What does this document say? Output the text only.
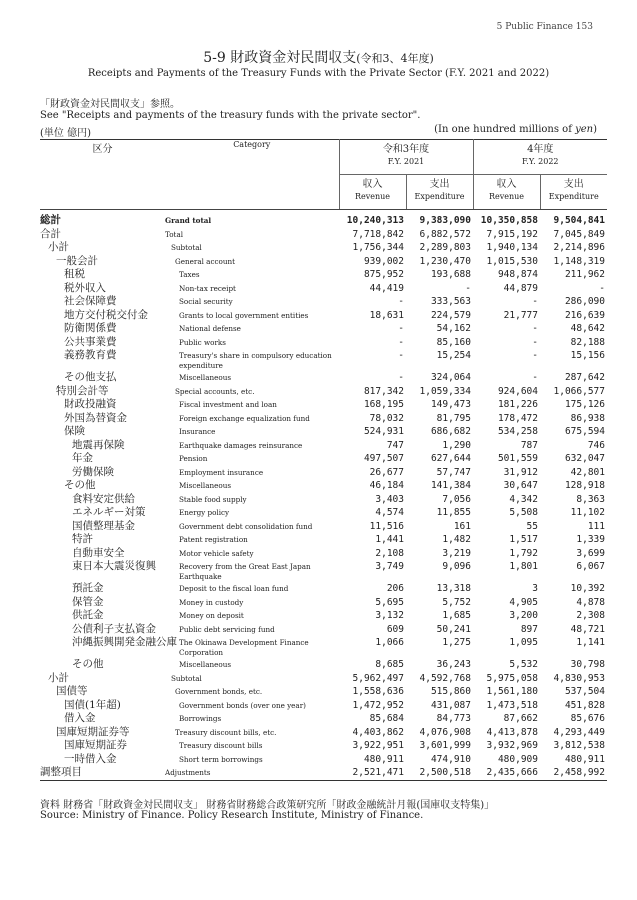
5 Public Finance 153
5-9 財政資金対民間収支(令和3、4年度)
Receipts and Payments of the Treasury Funds with the Private Sector (F.Y. 2021 and 2022)
「財政資金対民間収支」参照。
See "Receipts and payments of the treasury funds with the private sector".
(単位 億円)	(In one hundred millions of yen)
区分	Category	令和3年度		4年度	
		F.Y. 2021		F.Y. 2022	
		収入	支出	収入	支出
		Revenue	Expenditure	Revenue	Expenditure

総計	Grand total	10,240,313	9,383,090	10,350,858	9,504,841
合計	Total	7,718,842	6,882,572	7,915,192	7,045,849
小計	Subtotal	1,756,344	2,289,803	1,940,134	2,214,896
一般会計	General account	939,002	1,230,470	1,015,530	1,148,319
租税	Taxes	875,952	193,688	948,874	211,962
税外収入	Non-tax receipt	44,419	-	44,879	-
社会保障費	Social security	-	333,563	-	286,090
地方交付税交付金	Grants to local government entities	18,631	224,579	21,777	216,639
防衛関係費	National defense	-	54,162	-	48,642
公共事業費	Public works	-	85,160	-	82,188
義務教育費	Treasury's share in compulsory education expenditure	-	15,254	-	15,156
その他支払	Miscellaneous	-	324,064	-	287,642
特別会計等	Special accounts, etc.	817,342	1,059,334	924,604	1,066,577
財政投融資	Fiscal investment and loan	168,195	149,473	181,226	175,126
外国為替資金	Foreign exchange equalization fund	78,032	81,795	178,472	86,938
保険	Insurance	524,931	686,682	534,258	675,594
地震再保険	Earthquake damages reinsurance	747	1,290	787	746
年金	Pension	497,507	627,644	501,559	632,047
労働保険	Employment insurance	26,677	57,747	31,912	42,801
その他	Miscellaneous	46,184	141,384	30,647	128,918
食料安定供給	Stable food supply	3,403	7,056	4,342	8,363
エネルギー対策	Energy policy	4,574	11,855	5,508	11,102
国債整理基金	Government debt consolidation fund	11,516	161	55	111
特許	Patent registration	1,441	1,482	1,517	1,339
自動車安全	Motor vehicle safety	2,108	3,219	1,792	3,699
東日本大震災復興	Recovery from the Great East Japan Earthquake	3,749	9,096	1,801	6,067
預託金	Deposit to the fiscal loan fund	206	13,318	3	10,392
保管金	Money in custody	5,695	5,752	4,905	4,878
供託金	Money on deposit	3,132	1,685	3,200	2,308
公債利子支払資金	Public debt servicing fund	609	50,241	897	48,721
沖縄振興開発金融公庫	The Okinawa Development Finance Corporation	1,066	1,275	1,095	1,141
その他	Miscellaneous	8,685	36,243	5,532	30,798
小計	Subtotal	5,962,497	4,592,768	5,975,058	4,830,953
国債等	Government bonds, etc.	1,558,636	515,860	1,561,180	537,504
国債(1年超)	Government bonds (over one year)	1,472,952	431,087	1,473,518	451,828
借入金	Borrowings	85,684	84,773	87,662	85,676
国庫短期証券等	Treasury discount bills, etc.	4,403,862	4,076,908	4,413,878	4,293,449
国庫短期証券	Treasury discount bills	3,922,951	3,601,999	3,932,969	3,812,538
一時借入金	Short term borrowings	480,911	474,910	480,909	480,911
調整項目	Adjustments	2,521,471	2,500,518	2,435,666	2,458,992
資料 財務省「財政資金対民間収支」 財務省財務総合政策研究所「財政金融統計月報(国庫収支特集)」
Source: Ministry of Finance. Policy Research Institute, Ministry of Finance.
